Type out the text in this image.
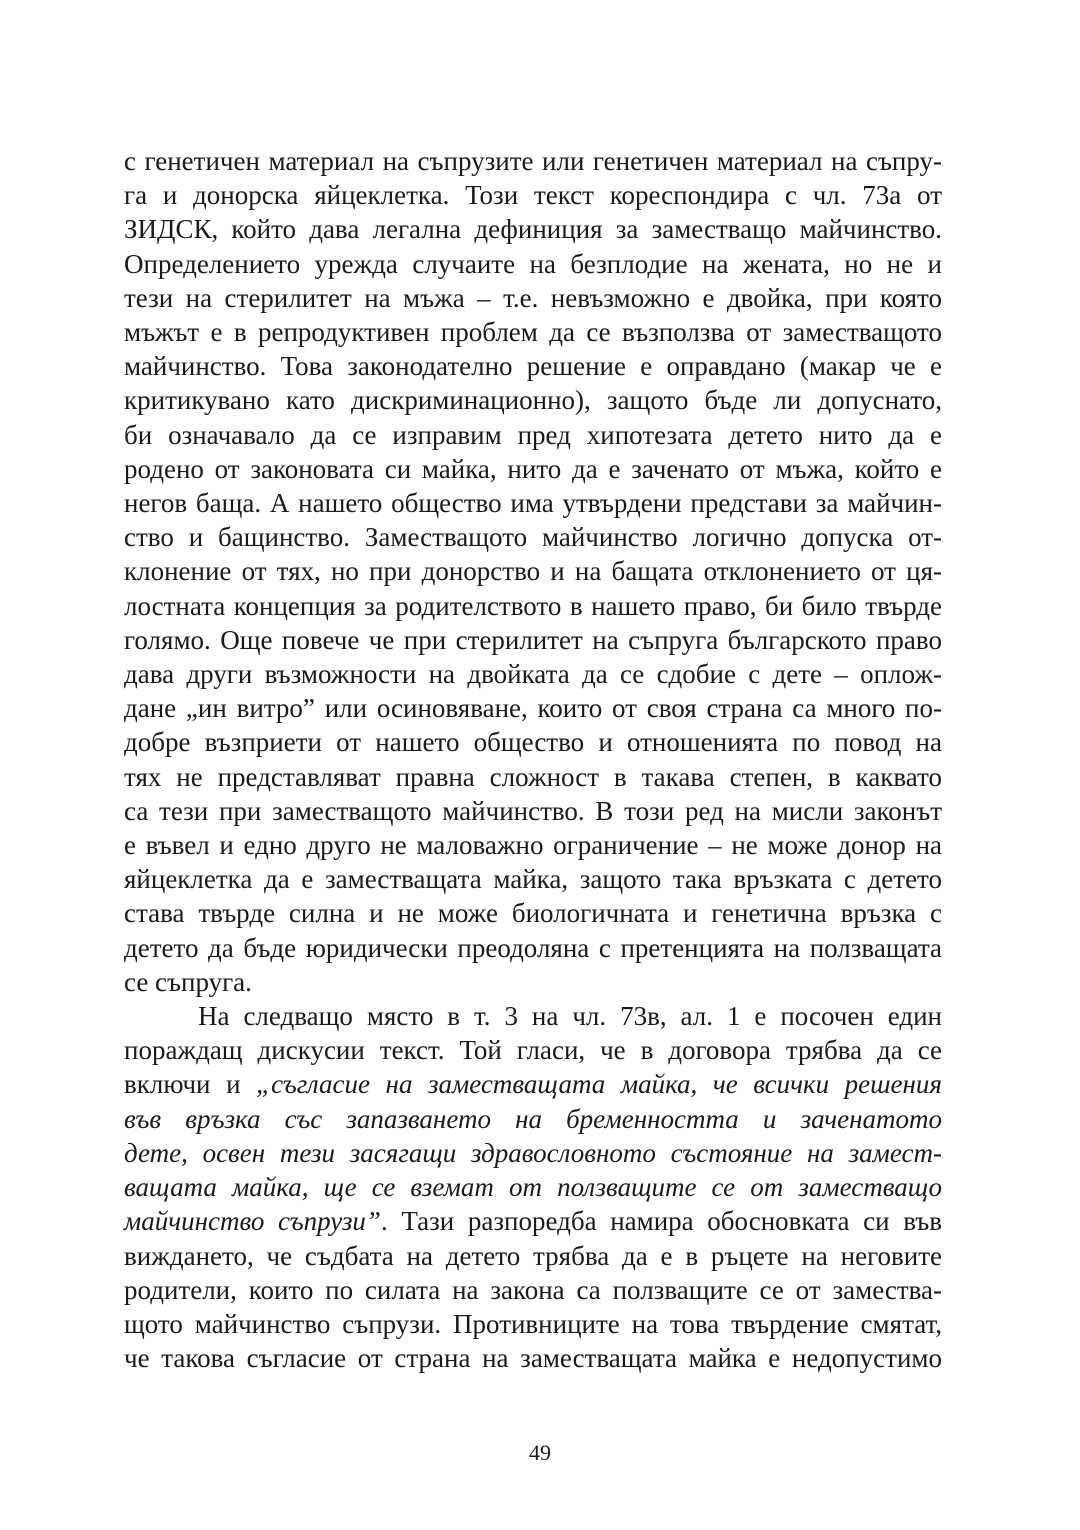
с генетичен материал на съпрузите или генетичен материал на съпру-
га и донорска яйцеклетка. Този текст кореспондира с чл. 73а от
ЗИДСК, който дава легална дефиниция за заместващо майчинство.
Определението урежда случаите на безплодие на жената, но не и
тези на стерилитет на мъжа – т.е. невъзможно е двойка, при която
мъжът е в репродуктивен проблем да се възползва от заместващото
майчинство. Това законодателно решение е оправдано (макар че е
критикувано като дискриминационно), защото бъде ли допуснато,
би означавало да се изправим пред хипотезата детето нито да е
родено от законовата си майка, нито да е заченато от мъжа, който е
негов баща. А нашето общество има утвърдени представи за майчин-
ство и бащинство. Заместващото майчинство логично допуска от-
клонение от тях, но при донорство и на бащата отклонението от ця-
лостната концепция за родителството в нашето право, би било твърде
голямо. Още повече че при стерилитет на съпруга българското право
дава други възможности на двойката да се сдобие с дете – оплож-
дане „ин витро” или осиновяване, които от своя страна са много по-
добре възприети от нашето общество и отношенията по повод на
тях не представляват правна сложност в такава степен, в каквато
са тези при заместващото майчинство. В този ред на мисли законът
е въвел и едно друго не маловажно ограничение – не може донор на
яйцеклетка да е заместващата майка, защото така връзката с детето
става твърде силна и не може биологичната и генетична връзка с
детето да бъде юридически преодоляна с претенцията на ползващата
се съпруга.
На следващо място в т. 3 на чл. 73в, ал. 1 е посочен един
пораждащ дискусии текст. Той гласи, че в договора трябва да се
включи и „съгласие на заместващата майка, че всички решения
във връзка със запазването на бременността и заченатото
дете, освен тези засягащи здравословното състояние на замест-
ващата майка, ще се вземат от ползващите се от заместващо
майчинство съпрузи”. Тази разпоредба намира обосновката си във
виждането, че съдбата на детето трябва да е в ръцете на неговите
родители, които по силата на закона са ползващите се от замества-
щото майчинство съпрузи. Противниците на това твърдение смятат,
че такова съгласие от страна на заместващата майка е недопустимо
49
